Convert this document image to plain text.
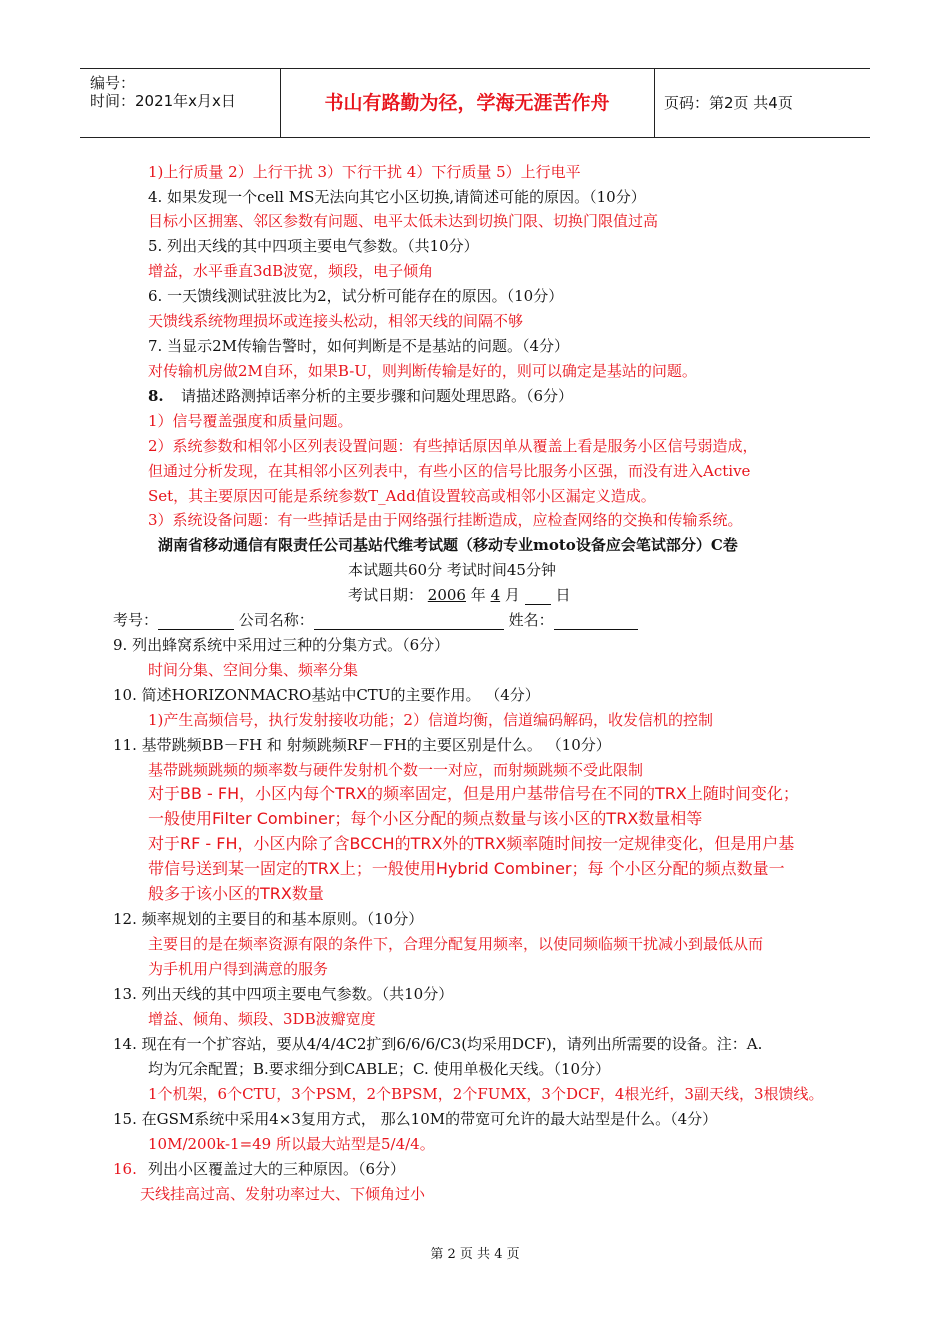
编号：
时间：2021年x月x日	书山有路勤为径，学海无涯苦作舟	页码：第2页 共4页
1)上行质量 2）上行干扰 3）下行干扰 4）下行质量 5）上行电平
4. 如果发现一个cell MS无法向其它小区切换,请简述可能的原因。（10分）
目标小区拥塞、邻区参数有问题、电平太低未达到切换门限、切换门限值过高
5. 列出天线的其中四项主要电气参数。（共10分）
增益，水平垂直3dB波宽，频段，电子倾角
6. 一天馈线测试驻波比为2，试分析可能存在的原因。（10分）
天馈线系统物理损坏或连接头松动，相邻天线的间隔不够
7. 当显示2M传输告警时，如何判断是不是基站的问题。（4分）
对传输机房做2M自环，如果B-U，则判断传输是好的，则可以确定是基站的问题。
8. 请描述路测掉话率分析的主要步骤和问题处理思路。（6分）
1）信号覆盖强度和质量问题。
2）系统参数和相邻小区列表设置问题：有些掉话原因单从覆盖上看是服务小区信号弱造成，
但通过分析发现，在其相邻小区列表中，有些小区的信号比服务小区强，而没有进入Active
Set，其主要原因可能是系统参数T_Add值设置较高或相邻小区漏定义造成。
3）系统设备问题：有一些掉话是由于网络强行挂断造成，应检查网络的交换和传输系统。
湖南省移动通信有限责任公司基站代维考试题（移动专业moto设备应会笔试部分）C卷
本试题共60分 考试时间45分钟
考试日期： 2006 年 4 月 日
考号：	公司名称：	姓名：
9. 列出蜂窝系统中采用过三种的分集方式。（6分）
时间分集、空间分集、频率分集
10. 简述HORIZONMACRO基站中CTU的主要作用。 （4分）
1)产生高频信号，执行发射接收功能；2）信道均衡，信道编码解码，收发信机的控制
11. 基带跳频BB－FH 和 射频跳频RF－FH的主要区别是什么。 （10分）
基带跳频跳频的频率数与硬件发射机个数一一对应，而射频跳频不受此限制
对于BB - FH，小区内每个TRX的频率固定，但是用户基带信号在不同的TRX上随时间变化；
一般使用Filter Combiner；每个小区分配的频点数量与该小区的TRX数量相等
对于RF - FH，小区内除了含BCCH的TRX外的TRX频率随时间按一定规律变化，但是用户基
带信号送到某一固定的TRX上；一般使用Hybrid Combiner；每 个小区分配的频点数量一
般多于该小区的TRX数量
12. 频率规划的主要目的和基本原则。（10分）
主要目的是在频率资源有限的条件下，合理分配复用频率，以使同频临频干扰减小到最低从而
为手机用户得到满意的服务
13. 列出天线的其中四项主要电气参数。（共10分）
增益、倾角、频段、3DB波瓣宽度
14. 现在有一个扩容站，要从4/4/4C2扩到6/6/6/C3(均采用DCF)，请列出所需要的设备。注：A.
均为冗余配置；B.要求细分到CABLE；C. 使用单极化天线。（10分）
1个机架，6个CTU，3个PSM，2个BPSM，2个FUMX，3个DCF，4根光纤，3副天线，3根馈线。
15. 在GSM系统中采用4×3复用方式， 那么10M的带宽可允许的最大站型是什么。（4分）
10M/200k-1=49 所以最大站型是5/4/4。
16. 列出小区覆盖过大的三种原因。（6分）
天线挂高过高、发射功率过大、下倾角过小
第 2 页 共 4 页
